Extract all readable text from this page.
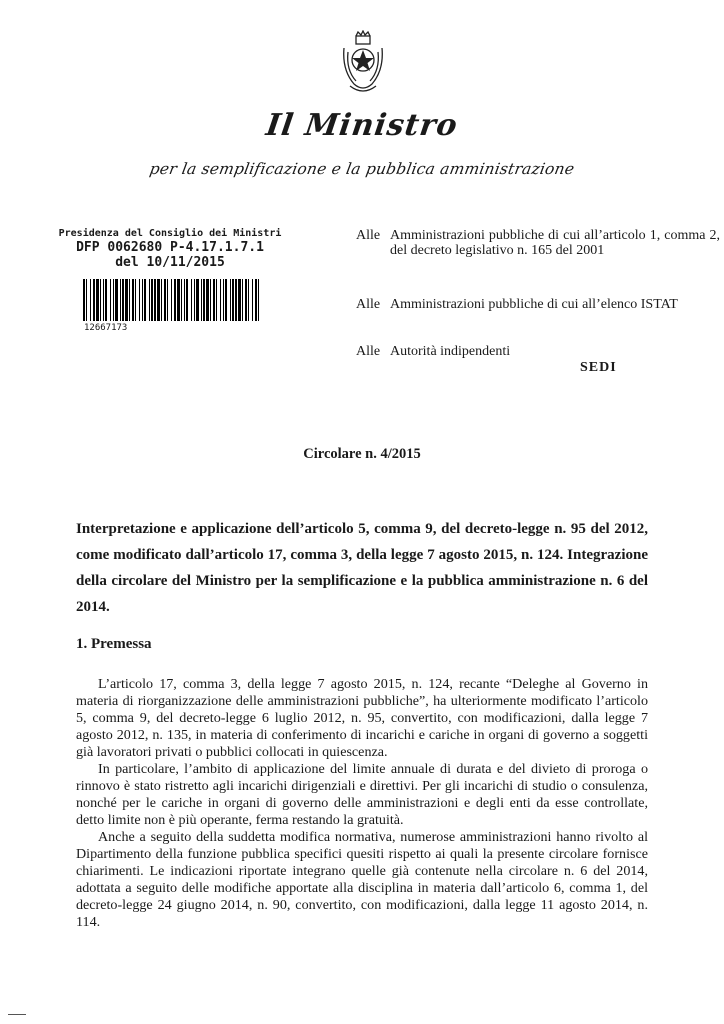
Il Ministro
per la semplificazione e la pubblica amministrazione
Presidenza del Consiglio dei Ministri
DFP 0062680 P-4.17.1.7.1
del 10/11/2015
12667173
Alle Amministrazioni pubbliche di cui all’articolo 1, comma 2, del decreto legislativo n. 165 del 2001
Alle Amministrazioni pubbliche di cui all’elenco ISTAT
Alle Autorità indipendenti
SEDI
Circolare n. 4/2015
Interpretazione e applicazione dell’articolo 5, comma 9, del decreto-legge n. 95 del 2012, come modificato dall’articolo 17, comma 3, della legge 7 agosto 2015, n. 124. Integrazione della circolare del Ministro per la semplificazione e la pubblica amministrazione n. 6 del 2014.
1. Premessa

L’articolo 17, comma 3, della legge 7 agosto 2015, n. 124, recante “Deleghe al Governo in materia di riorganizzazione delle amministrazioni pubbliche”, ha ulteriormente modificato l’articolo 5, comma 9, del decreto-legge 6 luglio 2012, n. 95, convertito, con modificazioni, dalla legge 7 agosto 2012, n. 135, in materia di conferimento di incarichi e cariche in organi di governo a soggetti già lavoratori privati o pubblici collocati in quiescenza.

In particolare, l’ambito di applicazione del limite annuale di durata e del divieto di proroga o rinnovo è stato ristretto agli incarichi dirigenziali e direttivi. Per gli incarichi di studio o consulenza, nonché per le cariche in organi di governo delle amministrazioni e degli enti da esse controllate, detto limite non è più operante, ferma restando la gratuità.

Anche a seguito della suddetta modifica normativa, numerose amministrazioni hanno rivolto al Dipartimento della funzione pubblica specifici quesiti rispetto ai quali la presente circolare fornisce chiarimenti. Le indicazioni riportate integrano quelle già contenute nella circolare n. 6 del 2014, adottata a seguito delle modifiche apportate alla disciplina in materia dall’articolo 6, comma 1, del decreto-legge 24 giugno 2014, n. 90, convertito, con modificazioni, dalla legge 11 agosto 2014, n. 114.
